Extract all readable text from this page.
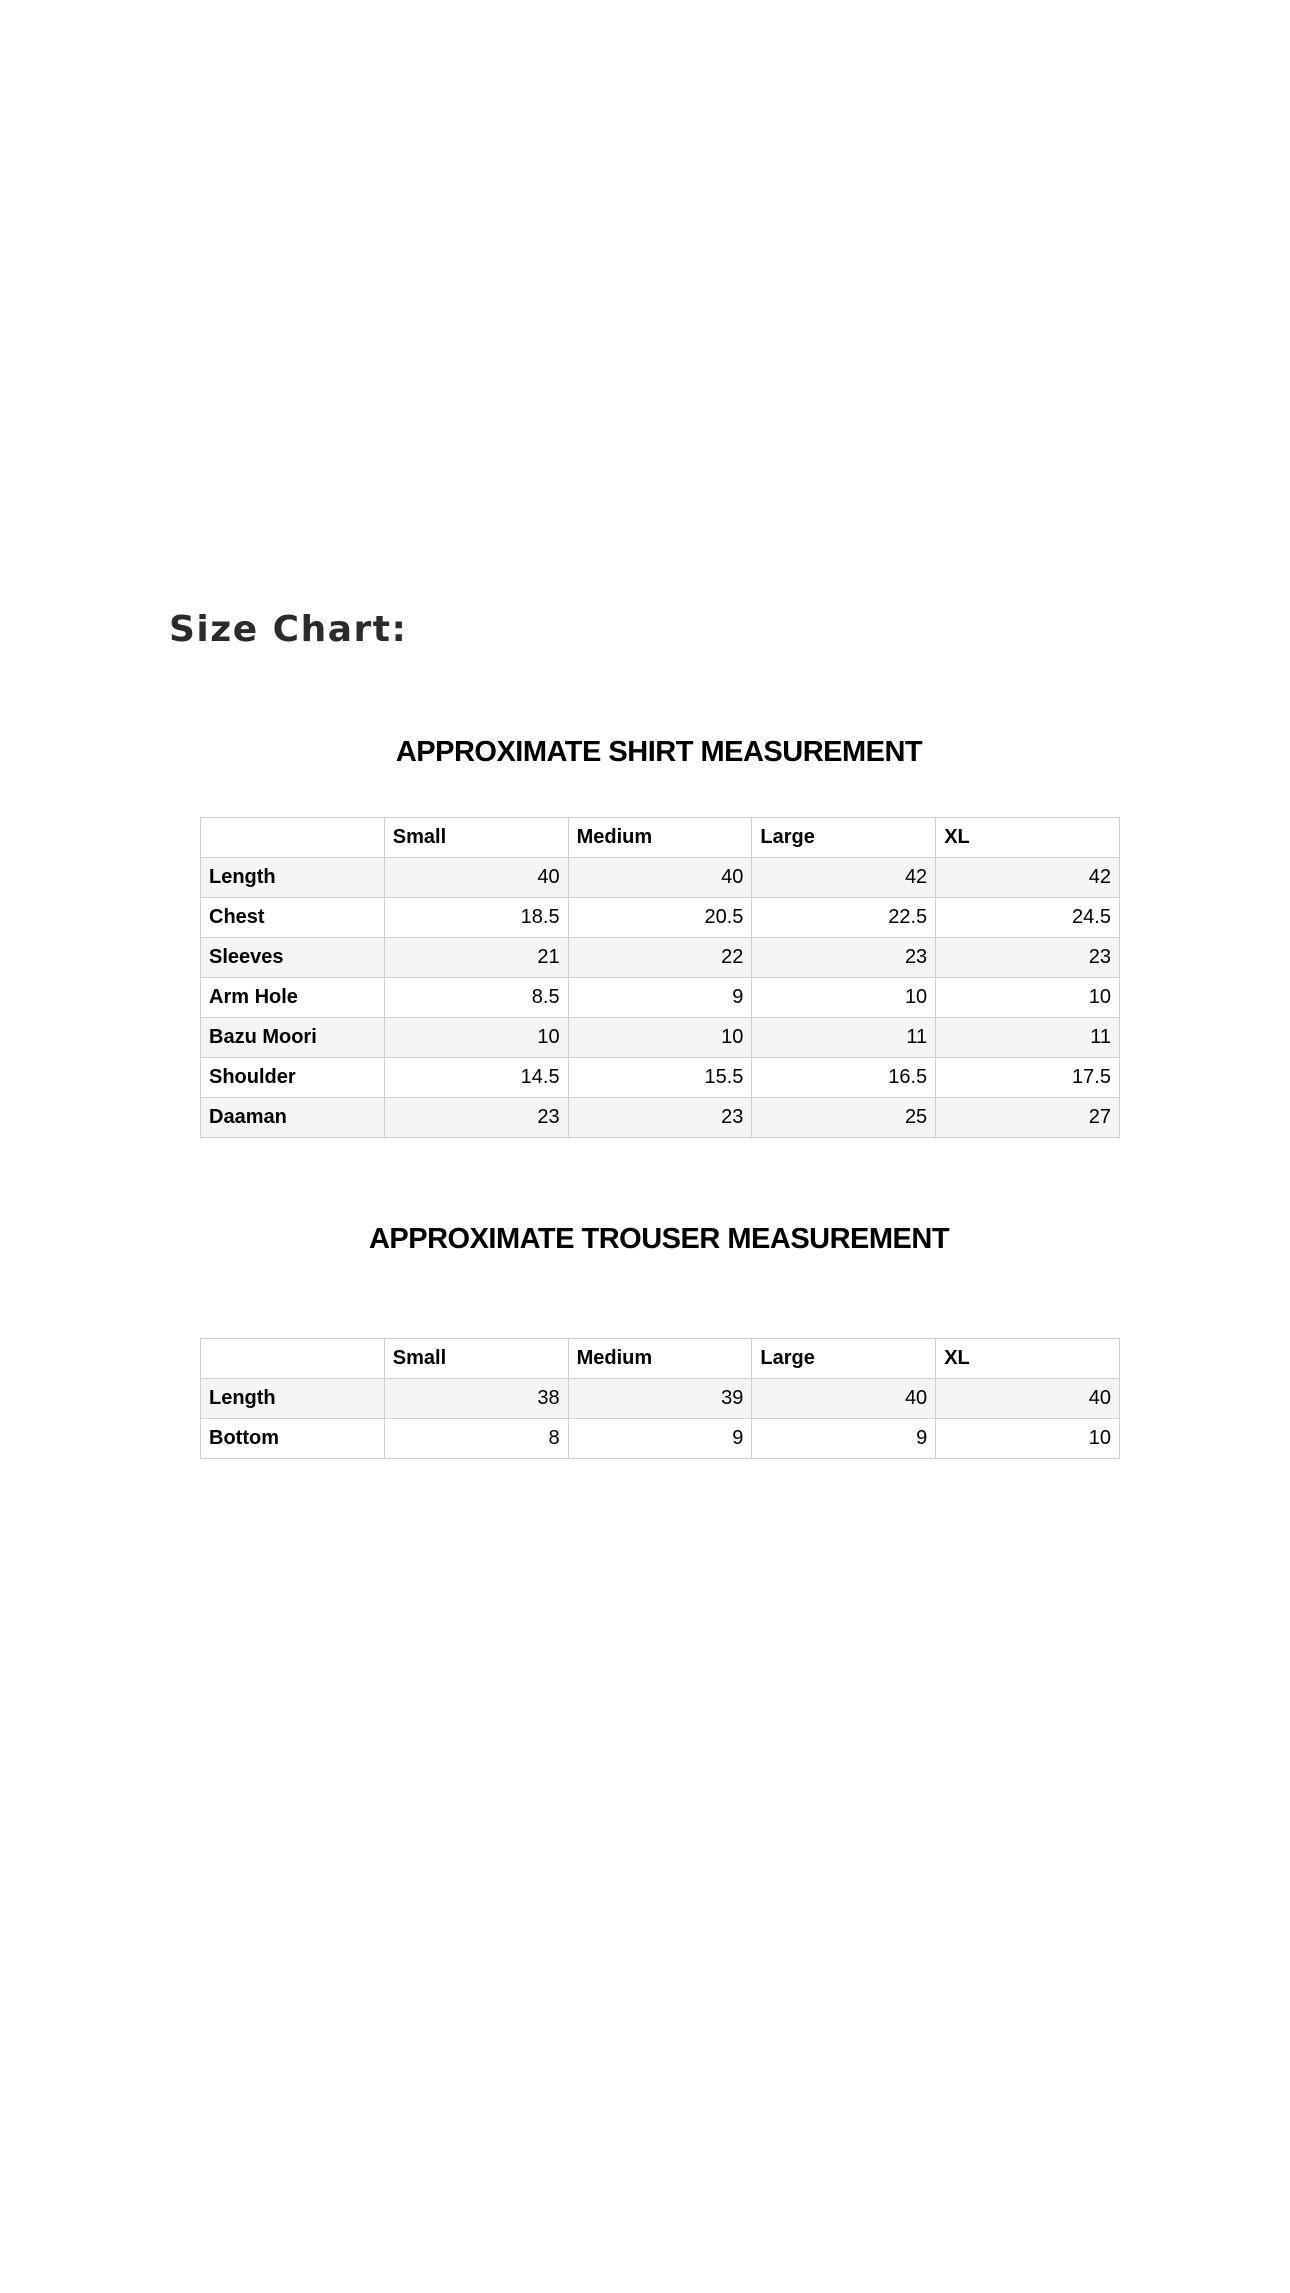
Size Chart:
APPROXIMATE SHIRT MEASUREMENT
	Small	Medium	Large	XL
Length	40	40	42	42
Chest	18.5	20.5	22.5	24.5
Sleeves	21	22	23	23
Arm Hole	8.5	9	10	10
Bazu Moori	10	10	11	11
Shoulder	14.5	15.5	16.5	17.5
Daaman	23	23	25	27
APPROXIMATE TROUSER MEASUREMENT
	Small	Medium	Large	XL
Length	38	39	40	40
Bottom	8	9	9	10
